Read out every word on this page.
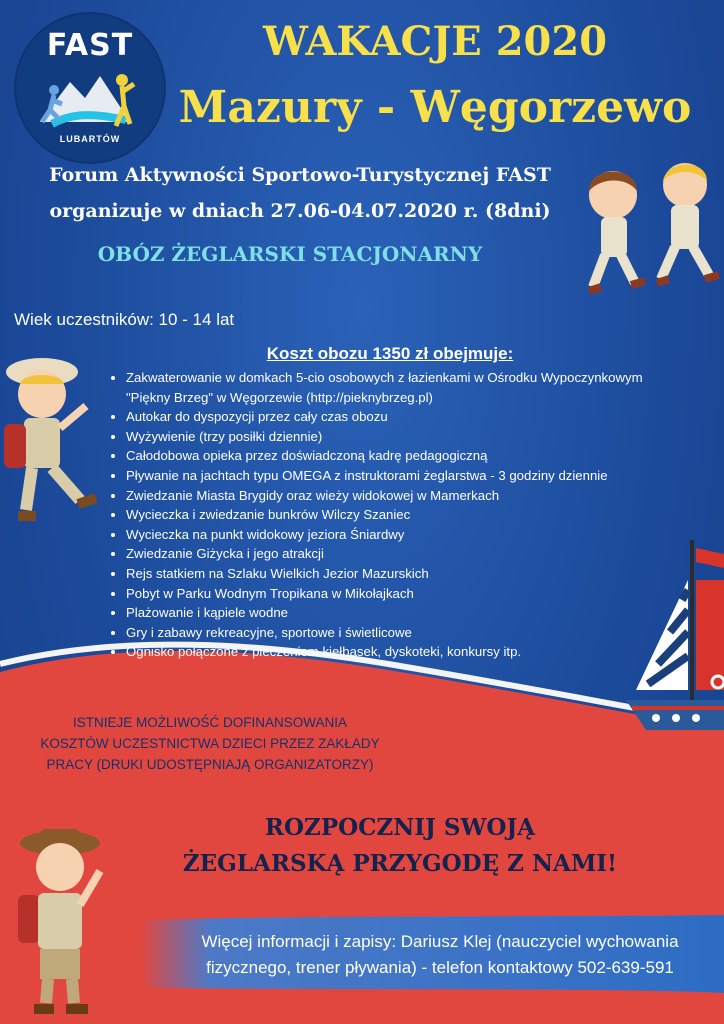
FAST
LUBARTÓW
WAKACJE 2020
Mazury - Węgorzewo
Forum Aktywności Sportowo-Turystycznej FAST
organizuje w dniach 27.06-04.07.2020 r. (8dni)
OBÓZ ŻEGLARSKI STACJONARNY
Wiek uczestników: 10 - 14 lat
Koszt obozu 1350 zł obejmuje:
• Zakwaterowanie w domkach 5-cio osobowych z łazienkami w Ośrodku Wypoczynkowym "Piękny Brzeg" w Węgorzewie (http://pieknybrzeg.pl)
• Autokar do dyspozycji przez cały czas obozu
• Wyżywienie (trzy posiłki dziennie)
• Całodobowa opieka przez doświadczoną kadrę pedagogiczną
• Pływanie na jachtach typu OMEGA z instruktorami żeglarstwa - 3 godziny dziennie
• Zwiedzanie Miasta Brygidy oraz wieży widokowej w Mamerkach
• Wycieczka i zwiedzanie bunkrów Wilczy Szaniec
• Wycieczka na punkt widokowy jeziora Śniardwy
• Zwiedzanie Giżycka i jego atrakcji
• Rejs statkiem na Szlaku Wielkich Jezior Mazurskich
• Pobyt w Parku Wodnym Tropikana w Mikołajkach
• Plażowanie i kąpiele wodne
• Gry i zabawy rekreacyjne, sportowe i świetlicowe
• Ognisko połączone z pieczeniem kiełbasek, dyskoteki, konkursy itp.
ISTNIEJE MOŻLIWOŚĆ DOFINANSOWANIA
KOSZTÓW UCZESTNICTWA DZIECI PRZEZ ZAKŁADY
PRACY (DRUKI UDOSTĘPNIAJĄ ORGANIZATORZY)
ROZPOCZNIJ SWOJĄ
ŻEGLARSKĄ PRZYGODĘ Z NAMI!
Więcej informacji i zapisy: Dariusz Klej (nauczyciel wychowania
fizycznego, trener pływania) - telefon kontaktowy 502-639-591
